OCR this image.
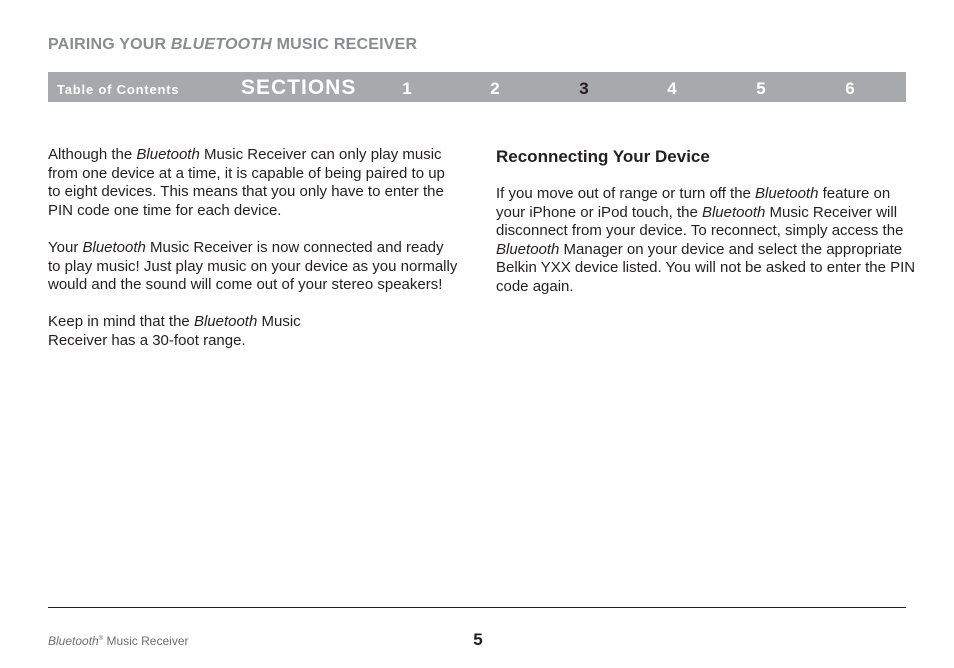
PAIRING YOUR BLUETOOTH MUSIC RECEIVER
Table of Contents	SECTIONS	1	2	3	4	5	6

Although the Bluetooth Music Receiver can only play music from one device at a time, it is capable of being paired to up to eight devices. This means that you only have to enter the PIN code one time for each device.

Your Bluetooth Music Receiver is now connected and ready to play music! Just play music on your device as you normally would and the sound will come out of your stereo speakers!

Keep in mind that the Bluetooth Music Receiver has a 30-foot range.

Reconnecting Your Device

If you move out of range or turn off the Bluetooth feature on your iPhone or iPod touch, the Bluetooth Music Receiver will disconnect from your device. To reconnect, simply access the Bluetooth Manager on your device and select the appropriate Belkin YXX device listed. You will not be asked to enter the PIN code again.

Bluetooth® Music Receiver	5
